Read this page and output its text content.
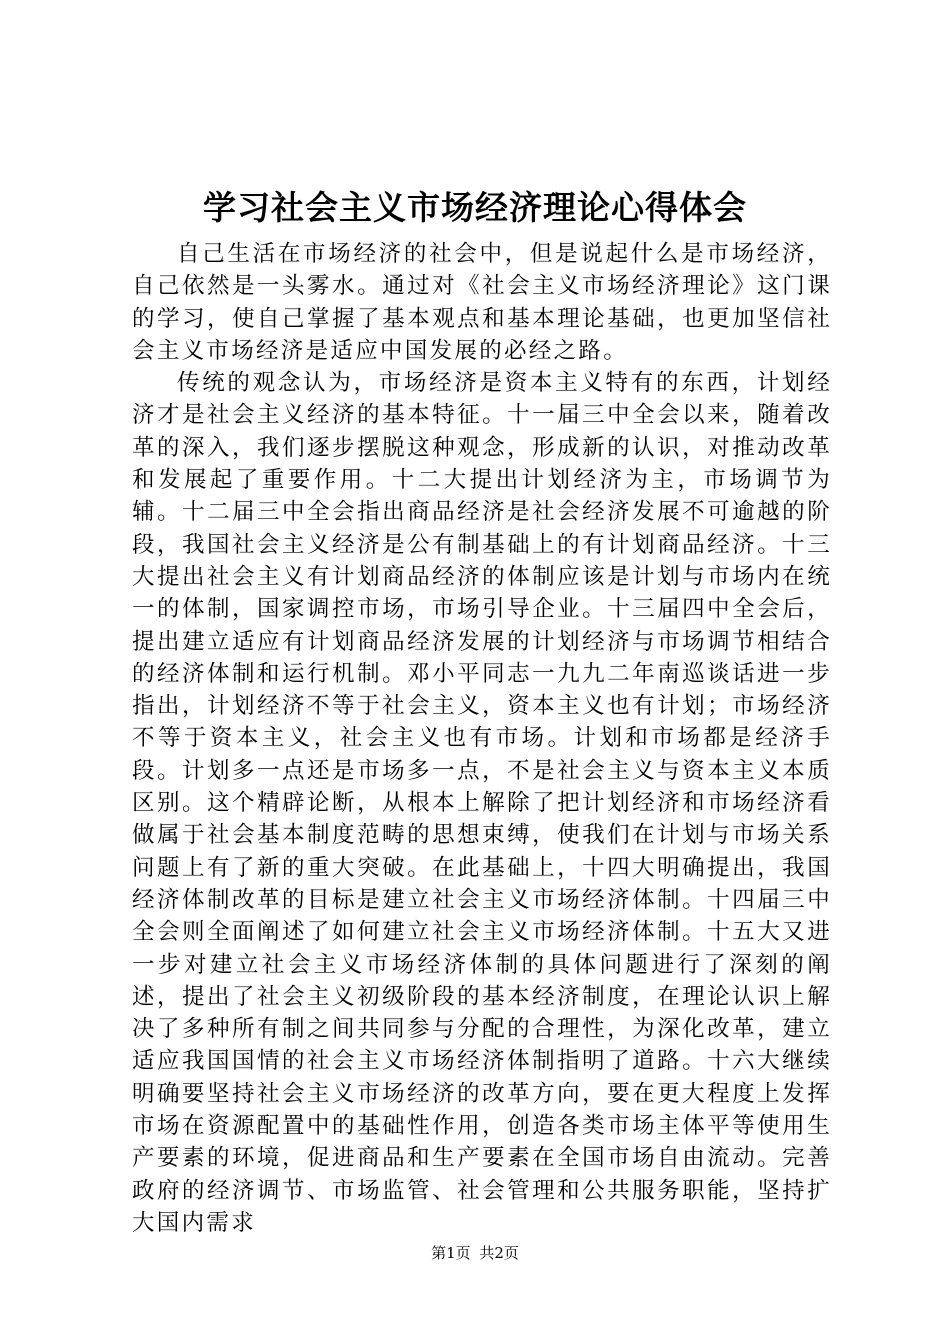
学习社会主义市场经济理论心得体会

自己生活在市场经济的社会中，但是说起什么是市场经济，自己依然是一头雾水。通过对《社会主义市场经济理论》这门课的学习，使自己掌握了基本观点和基本理论基础，也更加坚信社会主义市场经济是适应中国发展的必经之路。

传统的观念认为，市场经济是资本主义特有的东西，计划经济才是社会主义经济的基本特征。十一届三中全会以来，随着改革的深入，我们逐步摆脱这种观念，形成新的认识，对推动改革和发展起了重要作用。十二大提出计划经济为主，市场调节为辅。十二届三中全会指出商品经济是社会经济发展不可逾越的阶段，我国社会主义经济是公有制基础上的有计划商品经济。十三大提出社会主义有计划商品经济的体制应该是计划与市场内在统一的体制，国家调控市场，市场引导企业。十三届四中全会后，提出建立适应有计划商品经济发展的计划经济与市场调节相结合的经济体制和运行机制。邓小平同志一九九二年南巡谈话进一步指出，计划经济不等于社会主义，资本主义也有计划；市场经济不等于资本主义，社会主义也有市场。计划和市场都是经济手段。计划多一点还是市场多一点，不是社会主义与资本主义本质区别。这个精辟论断，从根本上解除了把计划经济和市场经济看做属于社会基本制度范畴的思想束缚，使我们在计划与市场关系问题上有了新的重大突破。在此基础上，十四大明确提出，我国经济体制改革的目标是建立社会主义市场经济体制。十四届三中全会则全面阐述了如何建立社会主义市场经济体制。十五大又进一步对建立社会主义市场经济体制的具体问题进行了深刻的阐述，提出了社会主义初级阶段的基本经济制度，在理论认识上解决了多种所有制之间共同参与分配的合理性，为深化改革，建立适应我国国情的社会主义市场经济体制指明了道路。十六大继续明确要坚持社会主义市场经济的改革方向，要在更大程度上发挥市场在资源配置中的基础性作用，创造各类市场主体平等使用生产要素的环境，促进商品和生产要素在全国市场自由流动。完善政府的经济调节、市场监管、社会管理和公共服务职能，坚持扩大国内需求

第1页 共2页
